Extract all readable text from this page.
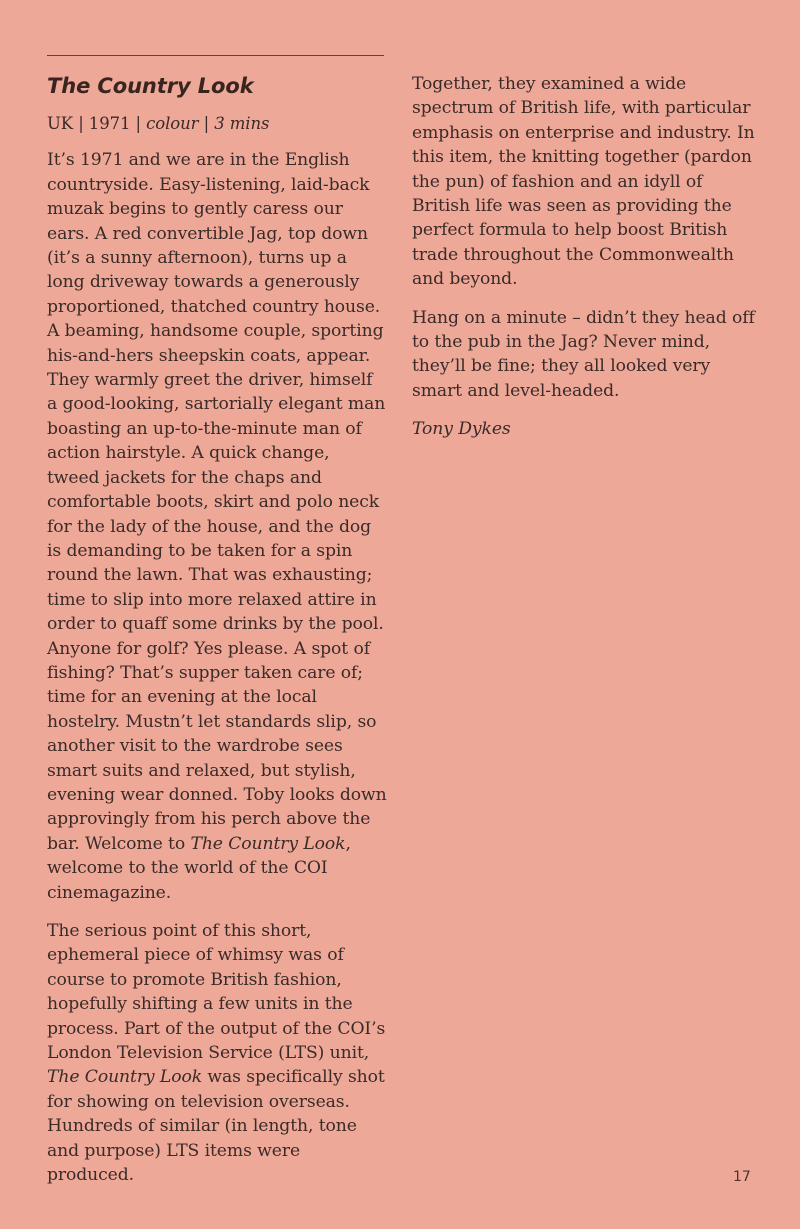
The Country Look
UK | 1971 | colour | 3 mins

It’s 1971 and we are in the English countryside. Easy-listening, laid-back muzak begins to gently caress our ears. A red convertible Jag, top down (it’s a sunny afternoon), turns up a long driveway towards a generously proportioned, thatched country house. A beaming, handsome couple, sporting his-and-hers sheepskin coats, appear. They warmly greet the driver, himself a good-looking, sartorially elegant man boasting an up-to-the-minute man of action hairstyle. A quick change, tweed jackets for the chaps and comfortable boots, skirt and polo neck for the lady of the house, and the dog is demanding to be taken for a spin round the lawn. That was exhausting; time to slip into more relaxed attire in order to quaff some drinks by the pool. Anyone for golf? Yes please. A spot of fishing? That’s supper taken care of; time for an evening at the local hostelry. Mustn’t let standards slip, so another visit to the wardrobe sees smart suits and relaxed, but stylish, evening wear donned. Toby looks down approvingly from his perch above the bar. Welcome to The Country Look, welcome to the world of the COI cinemagazine.

The serious point of this short, ephemeral piece of whimsy was of course to promote British fashion, hopefully shifting a few units in the process. Part of the output of the COI’s London Television Service (LTS) unit, The Country Look was specifically shot for showing on television overseas. Hundreds of similar (in length, tone and purpose) LTS items were produced.

Together, they examined a wide spectrum of British life, with particular emphasis on enterprise and industry. In this item, the knitting together (pardon the pun) of fashion and an idyll of British life was seen as providing the perfect formula to help boost British trade throughout the Commonwealth and beyond.

Hang on a minute – didn’t they head off to the pub in the Jag? Never mind, they’ll be fine; they all looked very smart and level-headed.

Tony Dykes

17
